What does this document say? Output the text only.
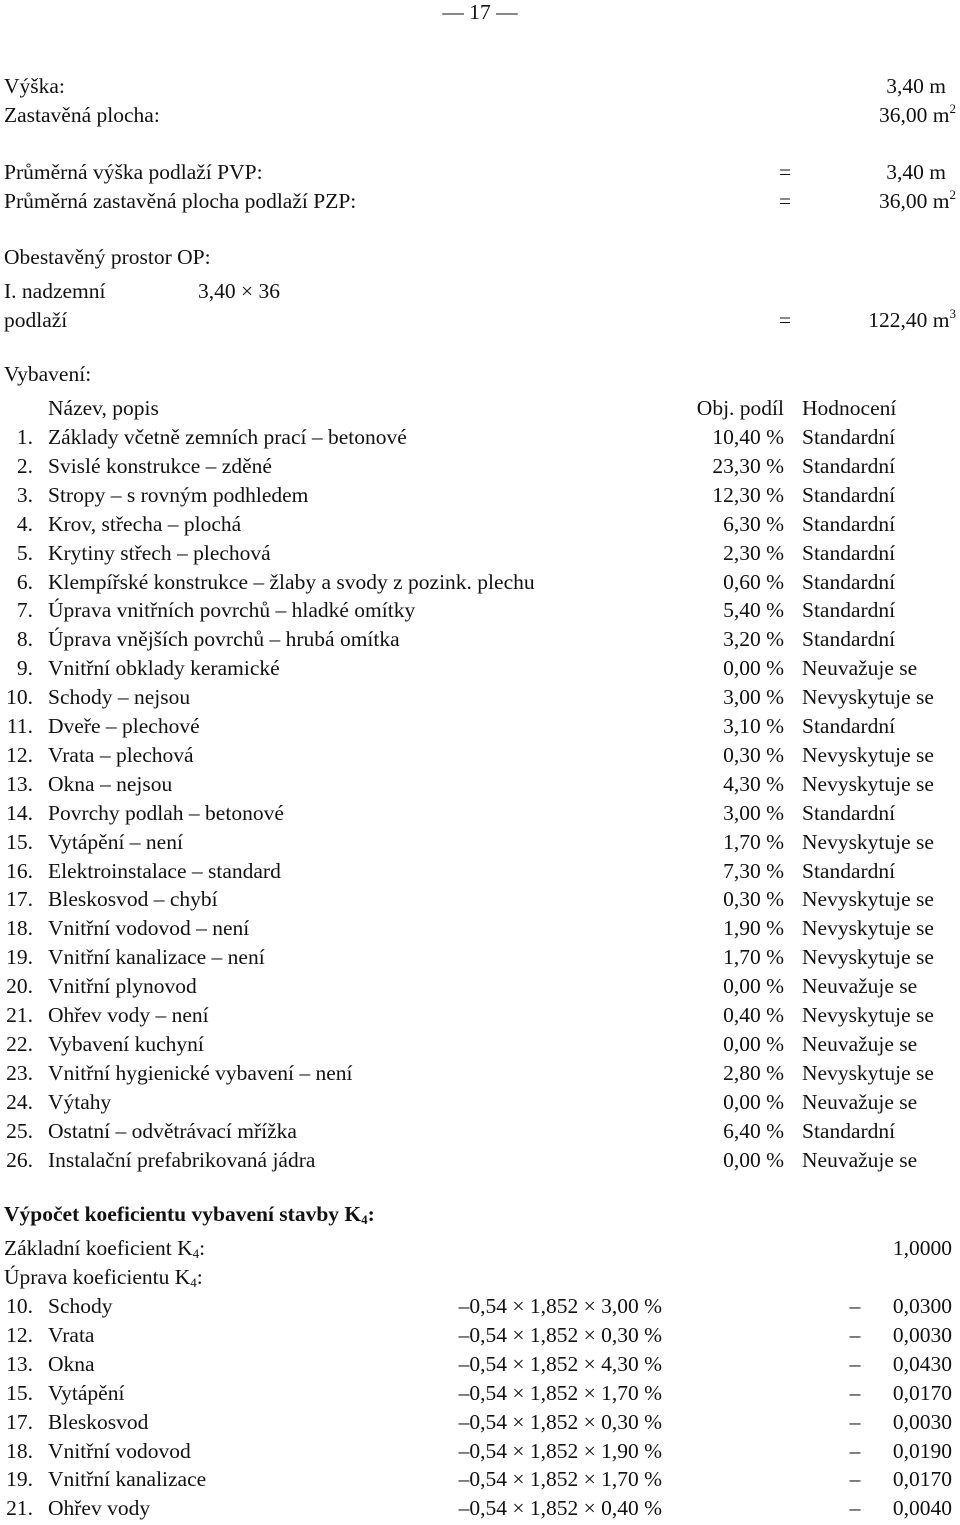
— 17 —
Výška:	3,40 m
Zastavěná plocha:	36,00 $m^2$
Průměrná výška podlaží PVP:	=	3,40 m
Průměrná zastavěná plocha podlaží PZP:	=	36,00 $m^2$
Obestavěný prostor OP:
I. nadzemní	3,40 × 36
podlaží	=	122,40 $m^3$
Vybavení:
Název, popis	Obj. podíl Hodnocení
1. Základy včetně zemních prací – betonové	10,40 % Standardní
2. Svislé konstrukce – zděné	23,30 % Standardní
3. Stropy – s rovným podhledem	12,30 % Standardní
4. Krov, střecha – plochá	6,30 % Standardní
5. Krytiny střech – plechová	2,30 % Standardní
6. Klempířské konstrukce – žlaby a svody z pozink. plechu	0,60 % Standardní
7. Úprava vnitřních povrchů – hladké omítky	5,40 % Standardní
8. Úprava vnějších povrchů – hrubá omítka	3,20 % Standardní
9. Vnitřní obklady keramické	0,00 % Neuvažuje se
10. Schody – nejsou	3,00 % Nevyskytuje se
11. Dveře – plechové	3,10 % Standardní
12. Vrata – plechová	0,30 % Nevyskytuje se
13. Okna – nejsou	4,30 % Nevyskytuje se
14. Povrchy podlah – betonové	3,00 % Standardní
15. Vytápění – není	1,70 % Nevyskytuje se
16. Elektroinstalace – standard	7,30 % Standardní
17. Bleskosvod – chybí	0,30 % Nevyskytuje se
18. Vnitřní vodovod – není	1,90 % Nevyskytuje se
19. Vnitřní kanalizace – není	1,70 % Nevyskytuje se
20. Vnitřní plynovod	0,00 % Neuvažuje se
21. Ohřev vody – není	0,40 % Nevyskytuje se
22. Vybavení kuchyní	0,00 % Neuvažuje se
23. Vnitřní hygienické vybavení – není	2,80 % Nevyskytuje se
24. Výtahy	0,00 % Neuvažuje se
25. Ostatní – odvětrávací mřížka	6,40 % Standardní
26. Instalační prefabrikovaná jádra	0,00 % Neuvažuje se
Výpočet koeficientu vybavení stavby $K_4$:
Základní koeficient $K_4$:	1,0000
Úprava koeficientu $K_4$:
10. Schody	–0,54 × 1,852 × 3,00 %	–	0,0300
12. Vrata	–0,54 × 1,852 × 0,30 %	–	0,0030
13. Okna	–0,54 × 1,852 × 4,30 %	–	0,0430
15. Vytápění	–0,54 × 1,852 × 1,70 %	–	0,0170
17. Bleskosvod	–0,54 × 1,852 × 0,30 %	–	0,0030
18. Vnitřní vodovod	–0,54 × 1,852 × 1,90 %	–	0,0190
19. Vnitřní kanalizace	–0,54 × 1,852 × 1,70 %	–	0,0170
21. Ohřev vody	–0,54 × 1,852 × 0,40 %	–	0,0040
